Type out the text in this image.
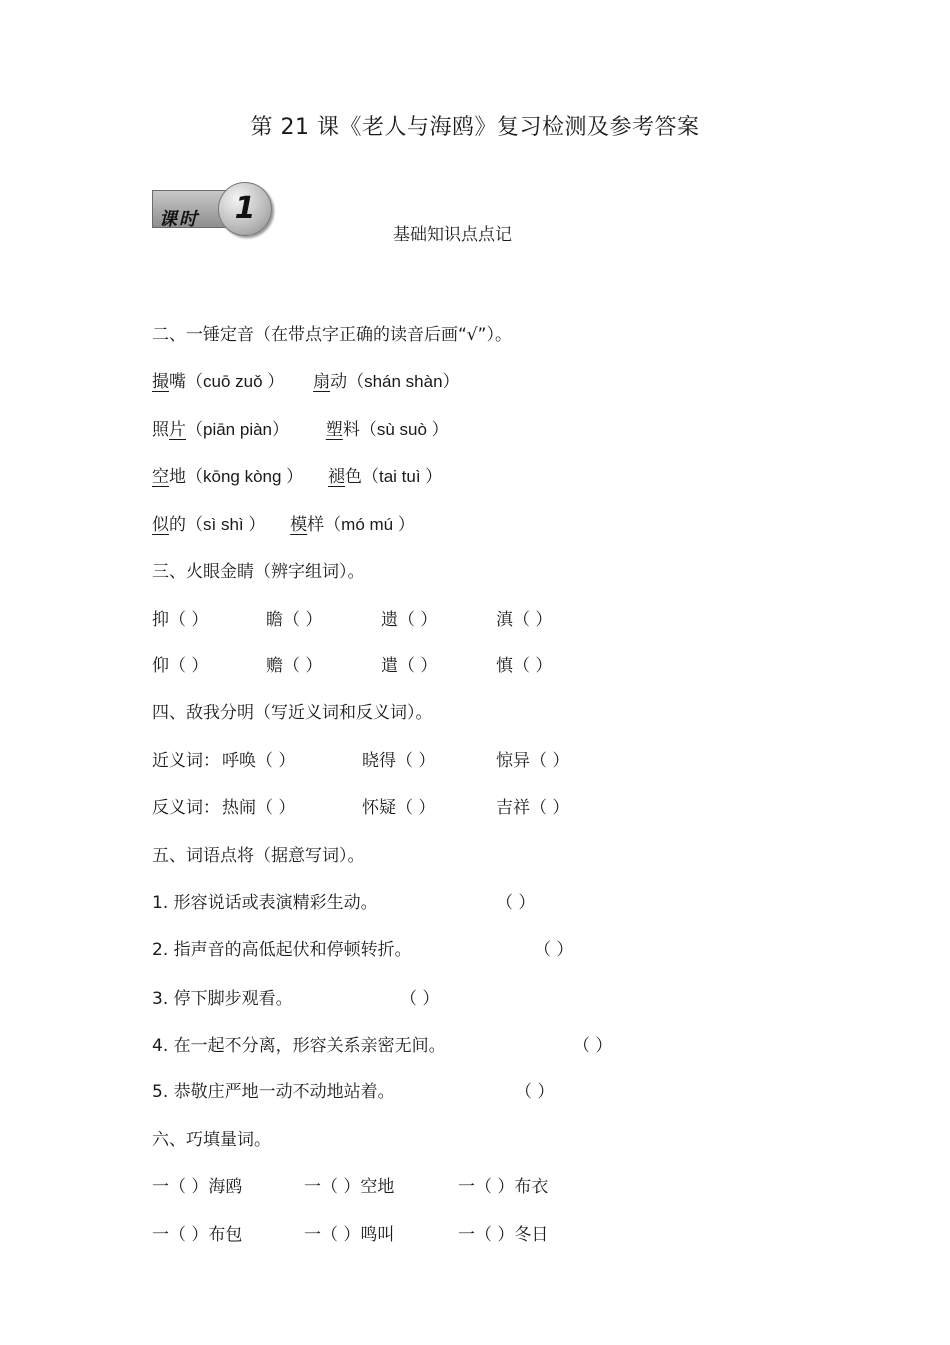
第 21 课《老人与海鸥》复习检测及参考答案
课时	1
基础知识点点记
二、一锤定音（在带点字正确的读音后画“√”）。
撮嘴（cuō zuǒ ） 扇动（shán shàn）
照片（piān piàn） 塑料（sù suò ）
空地（kōng kòng ） 褪色（tai tuì ）
似的（sì shì ） 模样（mó mú ）
三、火眼金睛（辨字组词）。
抑（ ）	瞻（ ）	遗（ ）	滇（ ）
仰（ ）	赡（ ）	遣（ ）	慎（ ）
四、敌我分明（写近义词和反义词）。
近义词： 呼唤（ ）	晓得（ ）	惊异（ ）
反义词： 热闹（ ）	怀疑（ ）	吉祥（ ）
五、词语点将（据意写词）。
1. 形容说话或表演精彩生动。	（ ）
2. 指声音的高低起伏和停顿转折。	（ ）
3. 停下脚步观看。	（ ）
4. 在一起不分离，形容关系亲密无间。	（ ）
5. 恭敬庄严地一动不动地站着。	（ ）
六、巧填量词。
一（ ）海鸥	一（ ）空地	一（ ）布衣
一（ ）布包	一（ ）鸣叫	一（ ）冬日
